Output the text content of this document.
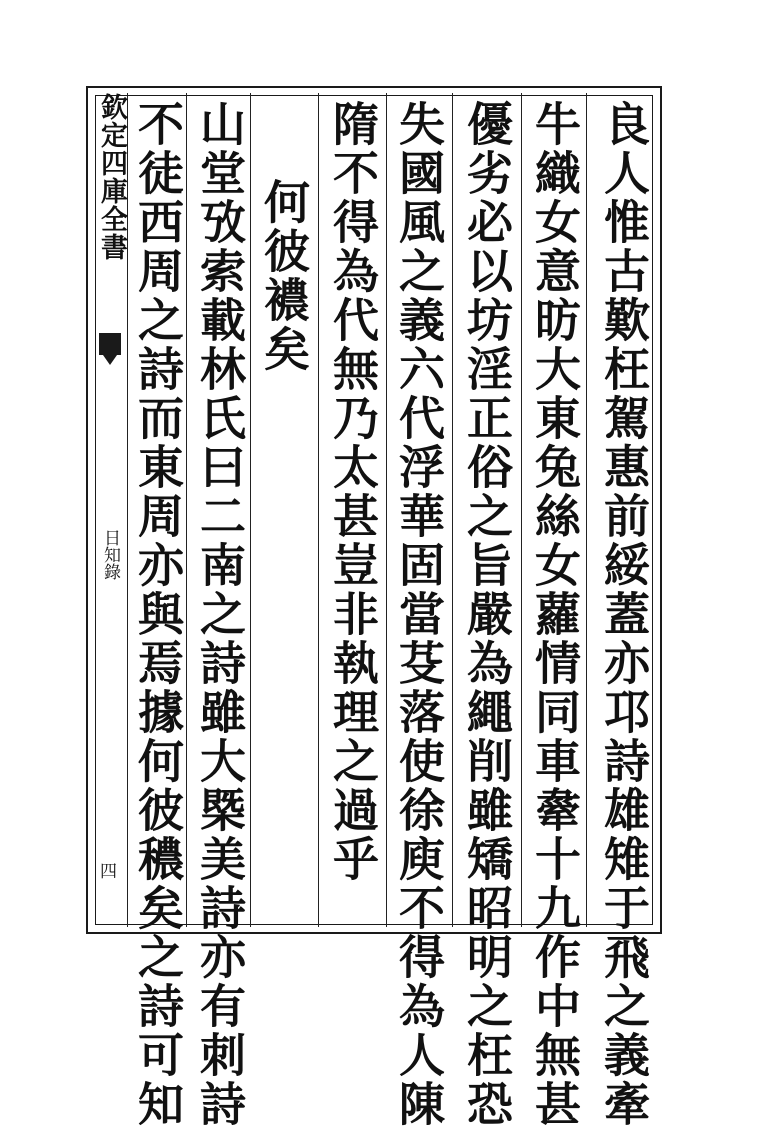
欽定四庫全書
日知錄
四	良人惟古歎枉駕惠前綏蓋亦邛詩雄雉于飛之義牽
牛織女意昉大東兔絲女蘿情同車舝十九作中無甚
優劣必以坊淫正俗之旨嚴為繩削雖矯昭明之枉恐
失國風之義六代浮華固當芟落使徐庾不得為人陳
隋不得為代無乃太甚豈非執理之過乎
何彼襛矣
山堂攷索載林氏曰二南之詩雖大槩美詩亦有刺詩
不徒西周之詩而東周亦與焉據何彼穠矣之詩可知
